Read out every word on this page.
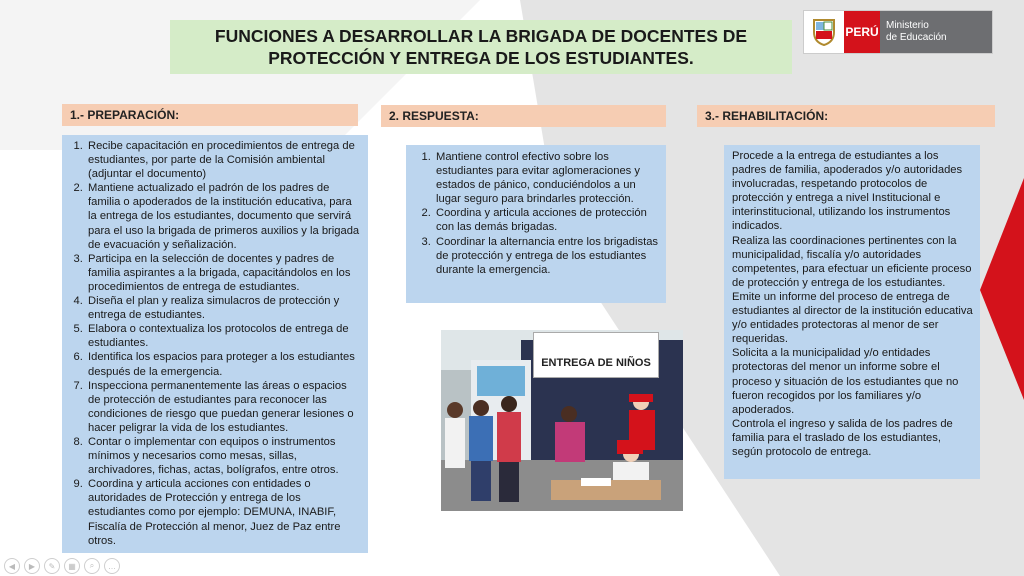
FUNCIONES A DESARROLLAR LA BRIGADA DE DOCENTES DE
PROTECCIÓN Y ENTREGA DE LOS ESTUDIANTES.
PERÚ Ministerio
de Educación
1.- PREPARACIÓN:
1. Recibe capacitación en procedimientos de entrega de estudiantes, por parte de la Comisión ambiental (adjuntar el documento)
2. Mantiene actualizado el padrón de los padres de familia o apoderados de la institución educativa, para la entrega de los estudiantes, documento que servirá para el uso la brigada de primeros auxilios y la brigada de evacuación y señalización.
3. Participa en la selección de docentes y padres de familia aspirantes a la brigada, capacitándolos en los procedimientos de entrega de estudiantes.
4. Diseña el plan y realiza simulacros de protección y entrega de estudiantes.
5. Elabora o contextualiza los protocolos de entrega de estudiantes.
6. Identifica los espacios para proteger a los estudiantes después de la emergencia.
7. Inspecciona permanentemente las áreas o espacios de protección de estudiantes para reconocer las condiciones de riesgo que puedan generar lesiones o hacer peligrar la vida de los estudiantes.
8. Contar o implementar con equipos o instrumentos mínimos y necesarios como mesas, sillas, archivadores, fichas, actas, bolígrafos, entre otros.
9. Coordina y articula acciones con entidades o autoridades de Protección y entrega de los estudiantes como por ejemplo: DEMUNA, INABIF, Fiscalía de Protección al menor, Juez de Paz entre otros.
2. RESPUESTA:
1. Mantiene control efectivo sobre los estudiantes para evitar aglomeraciones y estados de pánico, conduciéndolos a un lugar seguro para brindarles protección.
2. Coordina y articula acciones de protección con las demás brigadas.
3. Coordinar la alternancia entre los brigadistas de protección y entrega de los estudiantes durante la emergencia.
3.- REHABILITACIÓN:
Procede a la entrega de estudiantes a los padres de familia, apoderados y/o autoridades involucradas, respetando protocolos de protección y entrega a nivel Institucional e interinstitucional, utilizando los instrumentos indicados.
Realiza las coordinaciones pertinentes con la municipalidad, fiscalía y/o autoridades competentes, para efectuar un eficiente proceso de protección y entrega de los estudiantes.
Emite un informe del proceso de entrega de estudiantes al director de la institución educativa y/o entidades protectoras al menor de ser requeridas.
Solicita a la municipalidad y/o entidades protectoras del menor un informe sobre el proceso y situación de los estudiantes que no fueron recogidos por los familiares y/o apoderados.
Controla el ingreso y salida de los padres de familia para el traslado de los estudiantes, según protocolo de entrega.
ENTREGA DE NIÑOS
◀	▶	✎	▦	⌕	…
